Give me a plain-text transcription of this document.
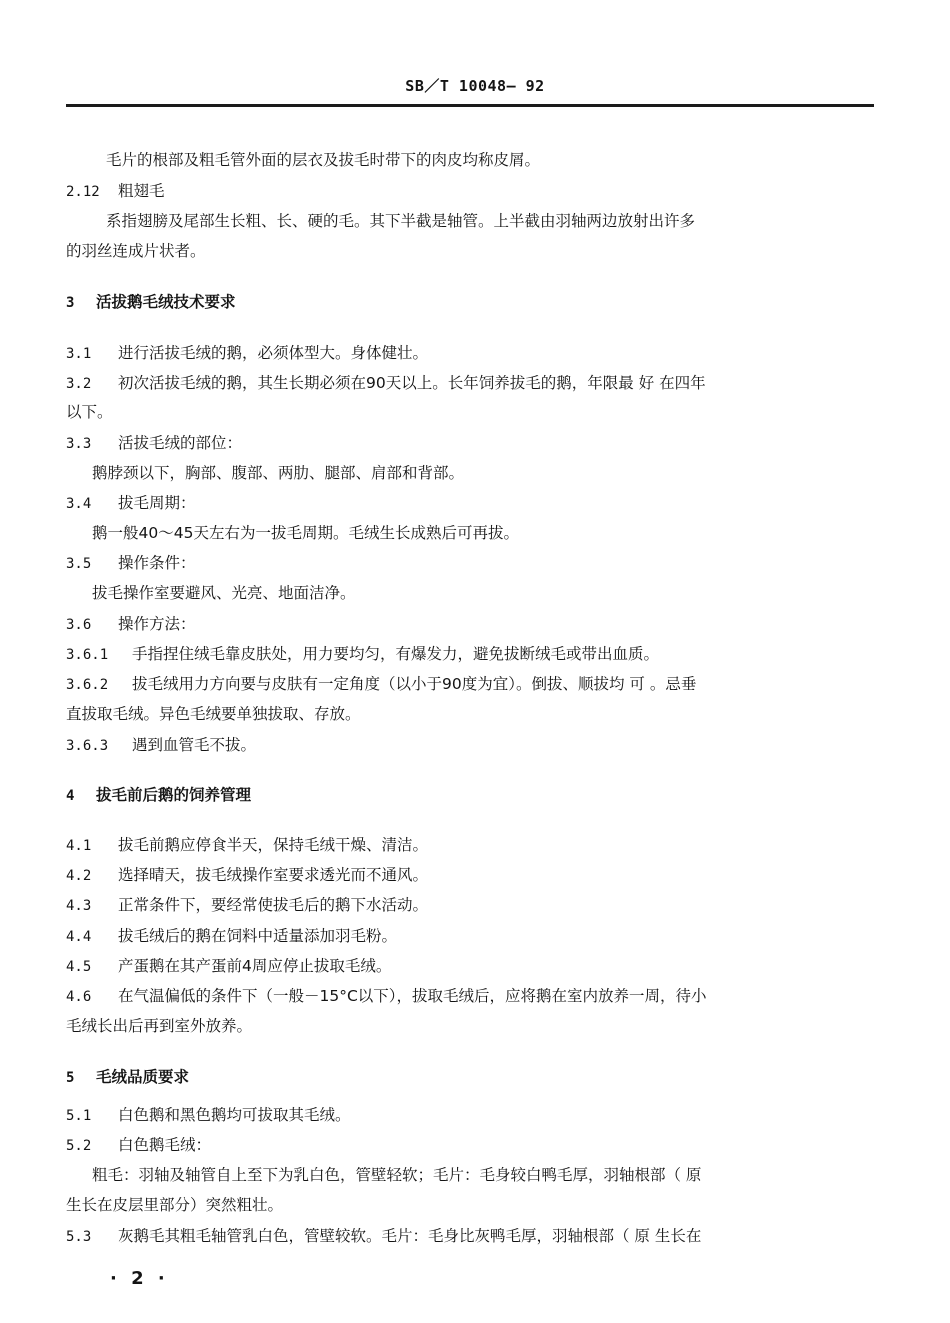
SB／T 10048— 92
毛片的根部及粗毛管外面的层衣及拔毛时带下的肉皮均称皮屑。
2.12 粗翅毛
系指翅膀及尾部生长粗、长、硬的毛。其下半截是轴管。上半截由羽轴两边放射出许多
的羽丝连成片状者。
3 活拔鹅毛绒技术要求
3.1 进行活拔毛绒的鹅，必须体型大。身体健壮。
3.2 初次活拔毛绒的鹅，其生长期必须在90天以上。长年饲养拔毛的鹅，年限最 好 在四年
以下。
3.3 活拔毛绒的部位：
鹅脖颈以下，胸部、腹部、两肋、腿部、肩部和背部。
3.4 拔毛周期：
鹅一般40～45天左右为一拔毛周期。毛绒生长成熟后可再拔。
3.5 操作条件：
拔毛操作室要避风、光亮、地面洁净。
3.6 操作方法：
3.6.1 手指捏住绒毛靠皮肤处，用力要均匀，有爆发力，避免拔断绒毛或带出血质。
3.6.2 拔毛绒用力方向要与皮肤有一定角度（以小于90度为宜）。倒拔、顺拔均 可 。忌垂
直拔取毛绒。异色毛绒要单独拔取、存放。
3.6.3 遇到血管毛不拔。
4 拔毛前后鹅的饲养管理
4.1 拔毛前鹅应停食半天，保持毛绒干燥、清洁。
4.2 选择晴天，拔毛绒操作室要求透光而不通风。
4.3 正常条件下，要经常使拔毛后的鹅下水活动。
4.4 拔毛绒后的鹅在饲料中适量添加羽毛粉。
4.5 产蛋鹅在其产蛋前4周应停止拔取毛绒。
4.6 在气温偏低的条件下（一般－15°C以下），拔取毛绒后，应将鹅在室内放养一周，待小
毛绒长出后再到室外放养。
5 毛绒品质要求
5.1 白色鹅和黑色鹅均可拔取其毛绒。
5.2 白色鹅毛绒：
粗毛：羽轴及轴管自上至下为乳白色，管壁轻软；毛片：毛身较白鸭毛厚，羽轴根部（ 原
生长在皮层里部分）突然粗壮。
5.3 灰鹅毛其粗毛轴管乳白色，管壁较软。毛片：毛身比灰鸭毛厚，羽轴根部（ 原 生长在
· 2 ·
